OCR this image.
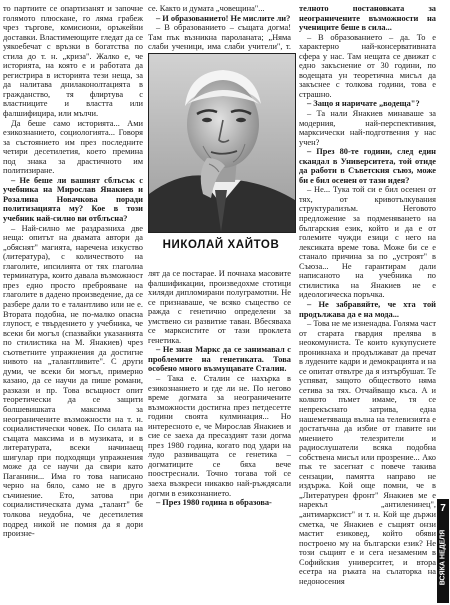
то партиите се опартизанят и започне голямото плюскане, го ляма грабеж чрез търгове, комисиони, оръжейни доставки. Властимеющите гледат да се уякоебечат с връзки в богатства по стила до т. н. „криза". Жалко е, че историята, на която е и работата да регистрира в историята тези неща, за да налитава днилаконолтацията в гражданство, тя флиртува с властниците и властта или фалшифицира, или мълчи.

Да беше само историята... Ами езикознанието, социологията... Говоря за състоянието им през последните четири десетилетия, което премина под знака за драстичното им политизиране.

– Не беше ли вашият сблъсък с учебника на Мирослав Янакиев и Розалина Новачкова поради политизацията му? Кое в този учебник най-силно ви отблъсна?

– Най-силно ме раздразниха две неща: опитът на двамата автори да „обяснят" магията, наречена изкуство (литература), с количеството на глаголите, ипсилията от тях глаголна терминатура, които давала възможност през едно просто преброяване на глаголите в дадено произведение, да се разбере дали то е талантливо или не е. Втората подобна, не по-малко опасна глупост, е твърдението у учебника, че всеки би могъл (спазвайки указанията по стилистика на М. Янакиев) чрез съответните упражнения да достигне нивото на „талантливите". С други думи, че всеки би могъл, примерно казано, да се научи да пише романи, разкази и пр. Това всъщност опит теоретически да се защити болшевишката максима за неограничените възможности на т. н. социалистически човек. По силата на същата максима и в музиката, и в литературата, всеки начинаещ шигулар при подходящи упражнения може да се научи да свири като Паганини... Има го това написано черно на бяло, само не в друго съчинение. Ето, затова при социалистическата дума „талант" бе толкова неудобна, че десетилетия подред никой не помня да я дори произне-

се. Както и думата „човещина"...

– И образованието! Не мислите ли?

– В образованието – същата догма! Там пък възникна пароланата; „Няма слаби ученици, има слаби учители", т.

лят да се постарае. И почнаха масовите фалшификации, произведохме стотици хиляди дипломирани полуграмотни. Не се признаваше, че всяко същество се ражда с генетично определени за умствено си развитие таван. Вбесяваха се марксистите от тази проклета генетика.

– Не зная Маркс да се занимавал с проблемите на генетиката. Това особено много възмущавате Сталин.

– Така е. Сталин се нахърка в езикознанието и где ли не. По негово време догмата за неограничените възможности достигна през петдесетте години своята кулминация... Но интересното е, че Мирослав Янакиев и сие се заеха да пресаздият тази догма през 1980 година, когато под удари на лудо развиващата се генетика – догматиците се бяха вече поостреснали. Точно тогава той се заеха възкреси никакво най-ръждясали догми в езикознанието.

– През 1980 година в образова-

НИКОЛАЙ ХАЙТОВ

телното постановката за неограничените възможности на учениците беше в сила...

– В образованието – да. То е характерно най-консервативната сфера у нас. Там нещата се движат с едно закъснение от 30 години, по водещата ун теоретична мисъл да закъснее с толкова години, това е страшно.

– Защо я наричате „водеща"?

– Та нали Янакиев минаваше за модерния, най-перспективния, марксически най-подготвения у нас учен?

– През 80-те години, след един скандал в Университета, той отиде да работи в Съветския съюз, може би е бил осенен от тази идея?

– Не... Тука той си е бил осенен от тях, от кривотълкувания структурализъм. Неговото предложение за подменяването на българския език, който и да е от големите чужди езици с него на лексиката време това. Може би се е станало причина за по „устроят" в Съюза... Не гарантирам дали написаното на учебника по стилистика на Янакиев не е идеологическа поръчка.

– Не забравяйте, че хта той продължава да е на мода...

– Това не ме изненадва. Голяма част от старата гвардия прелява в неокомуниста. Те които кукупуснете проникнаха и продължават да пречат в лудените кадри и демокрацията и на се опитат отвътре да я изтърбушат. Те успяват, защото обществото няма сетива за тях. Отчайващо къса. А и колкото пъмет имаме, тя се непрекъснато затрива, една нашеметяваща вълна на телевизията е достатъчна да избие от главите ни мнението телезрители и радиослушатели всяка подобна собствена мисъл или прозрение... Ако пък те засегнат с повече такива сензации, памятта направо не издържа. Кой още помни, че в „Литературен фронт" Янакиев ме е нарекъл „антиленинец", „антимарксист" и т. н. Кой ще държи сметка, че Янакиев е същият онзи мастит езиковед, който обяви построено му на български език? Не този същият е и сега незаменим в Софийския университет, и втора есетра на ръката на сълаторка на недоносения

7
ВСЯКА НЕДЕЛЯ
